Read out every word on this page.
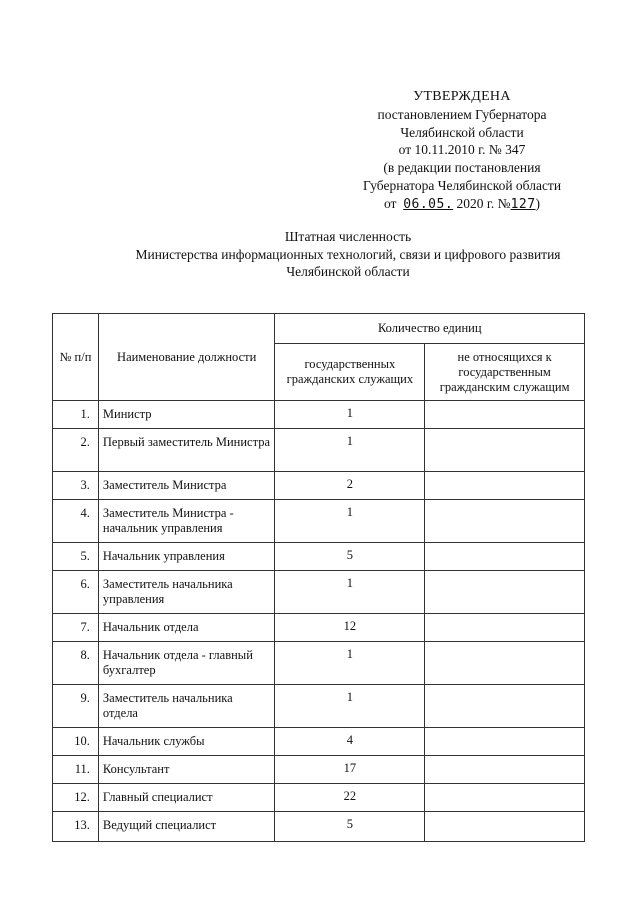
УТВЕРЖДЕНА
постановлением Губернатора
Челябинской области
от 10.11.2010 г. № 347
(в редакции постановления
Губернатора Челябинской области
от 06.05. 2020 г. №127)
Штатная численность
Министерства информационных технологий, связи и цифрового развития
Челябинской области
№ п/п	Наименование должности	Количество единиц	
		государственных гражданских служащих	не относящихся к государственным гражданским служащим
1.	Министр	1	
2.	Первый заместитель Министра	1	
3.	Заместитель Министра	2	
4.	Заместитель Министра - начальник управления	1	
5.	Начальник управления	5	
6.	Заместитель начальника управления	1	
7.	Начальник отдела	12	
8.	Начальник отдела - главный бухгалтер	1	
9.	Заместитель начальника отдела	1	
10.	Начальник службы	4	
11.	Консультант	17	
12.	Главный специалист	22	
13.	Ведущий специалист	5	
